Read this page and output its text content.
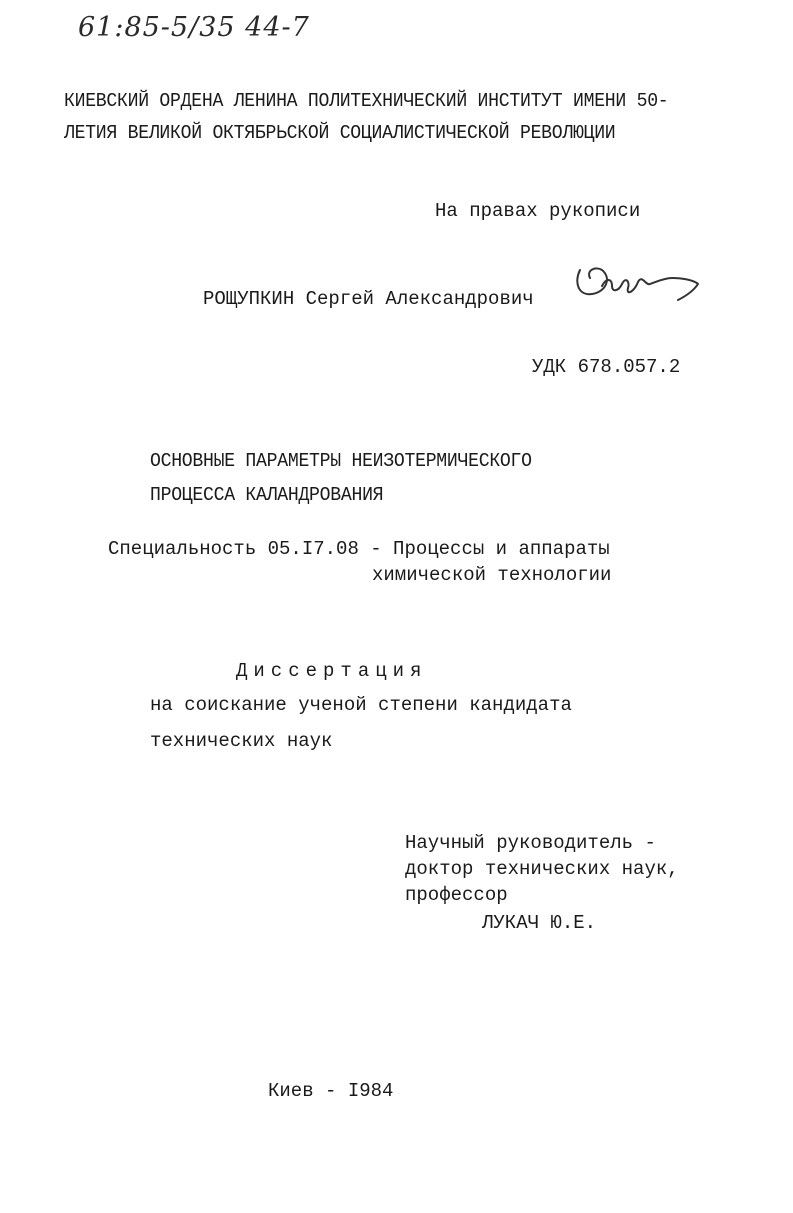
61:85-5/35 44-7
КИЕВСКИЙ ОРДЕНА ЛЕНИНА ПОЛИТЕХНИЧЕСКИЙ ИНСТИТУТ ИМЕНИ 50-
ЛЕТИЯ ВЕЛИКОЙ ОКТЯБРЬСКОЙ СОЦИАЛИСТИЧЕСКОЙ РЕВОЛЮЦИИ
На правах рукописи
РОЩУПКИН Сергей Александрович
УДК 678.057.2
ОСНОВНЫЕ ПАРАМЕТРЫ НЕИЗОТЕРМИЧЕСКОГО
ПРОЦЕССА КАЛАНДРОВАНИЯ
Специальность 05.I7.08 - Процессы и аппараты
химической технологии
Диссертация
на соискание ученой степени кандидата
технических наук
Научный руководитель -
доктор технических наук,
профессор
ЛУКАЧ Ю.Е.
Киев - I984
